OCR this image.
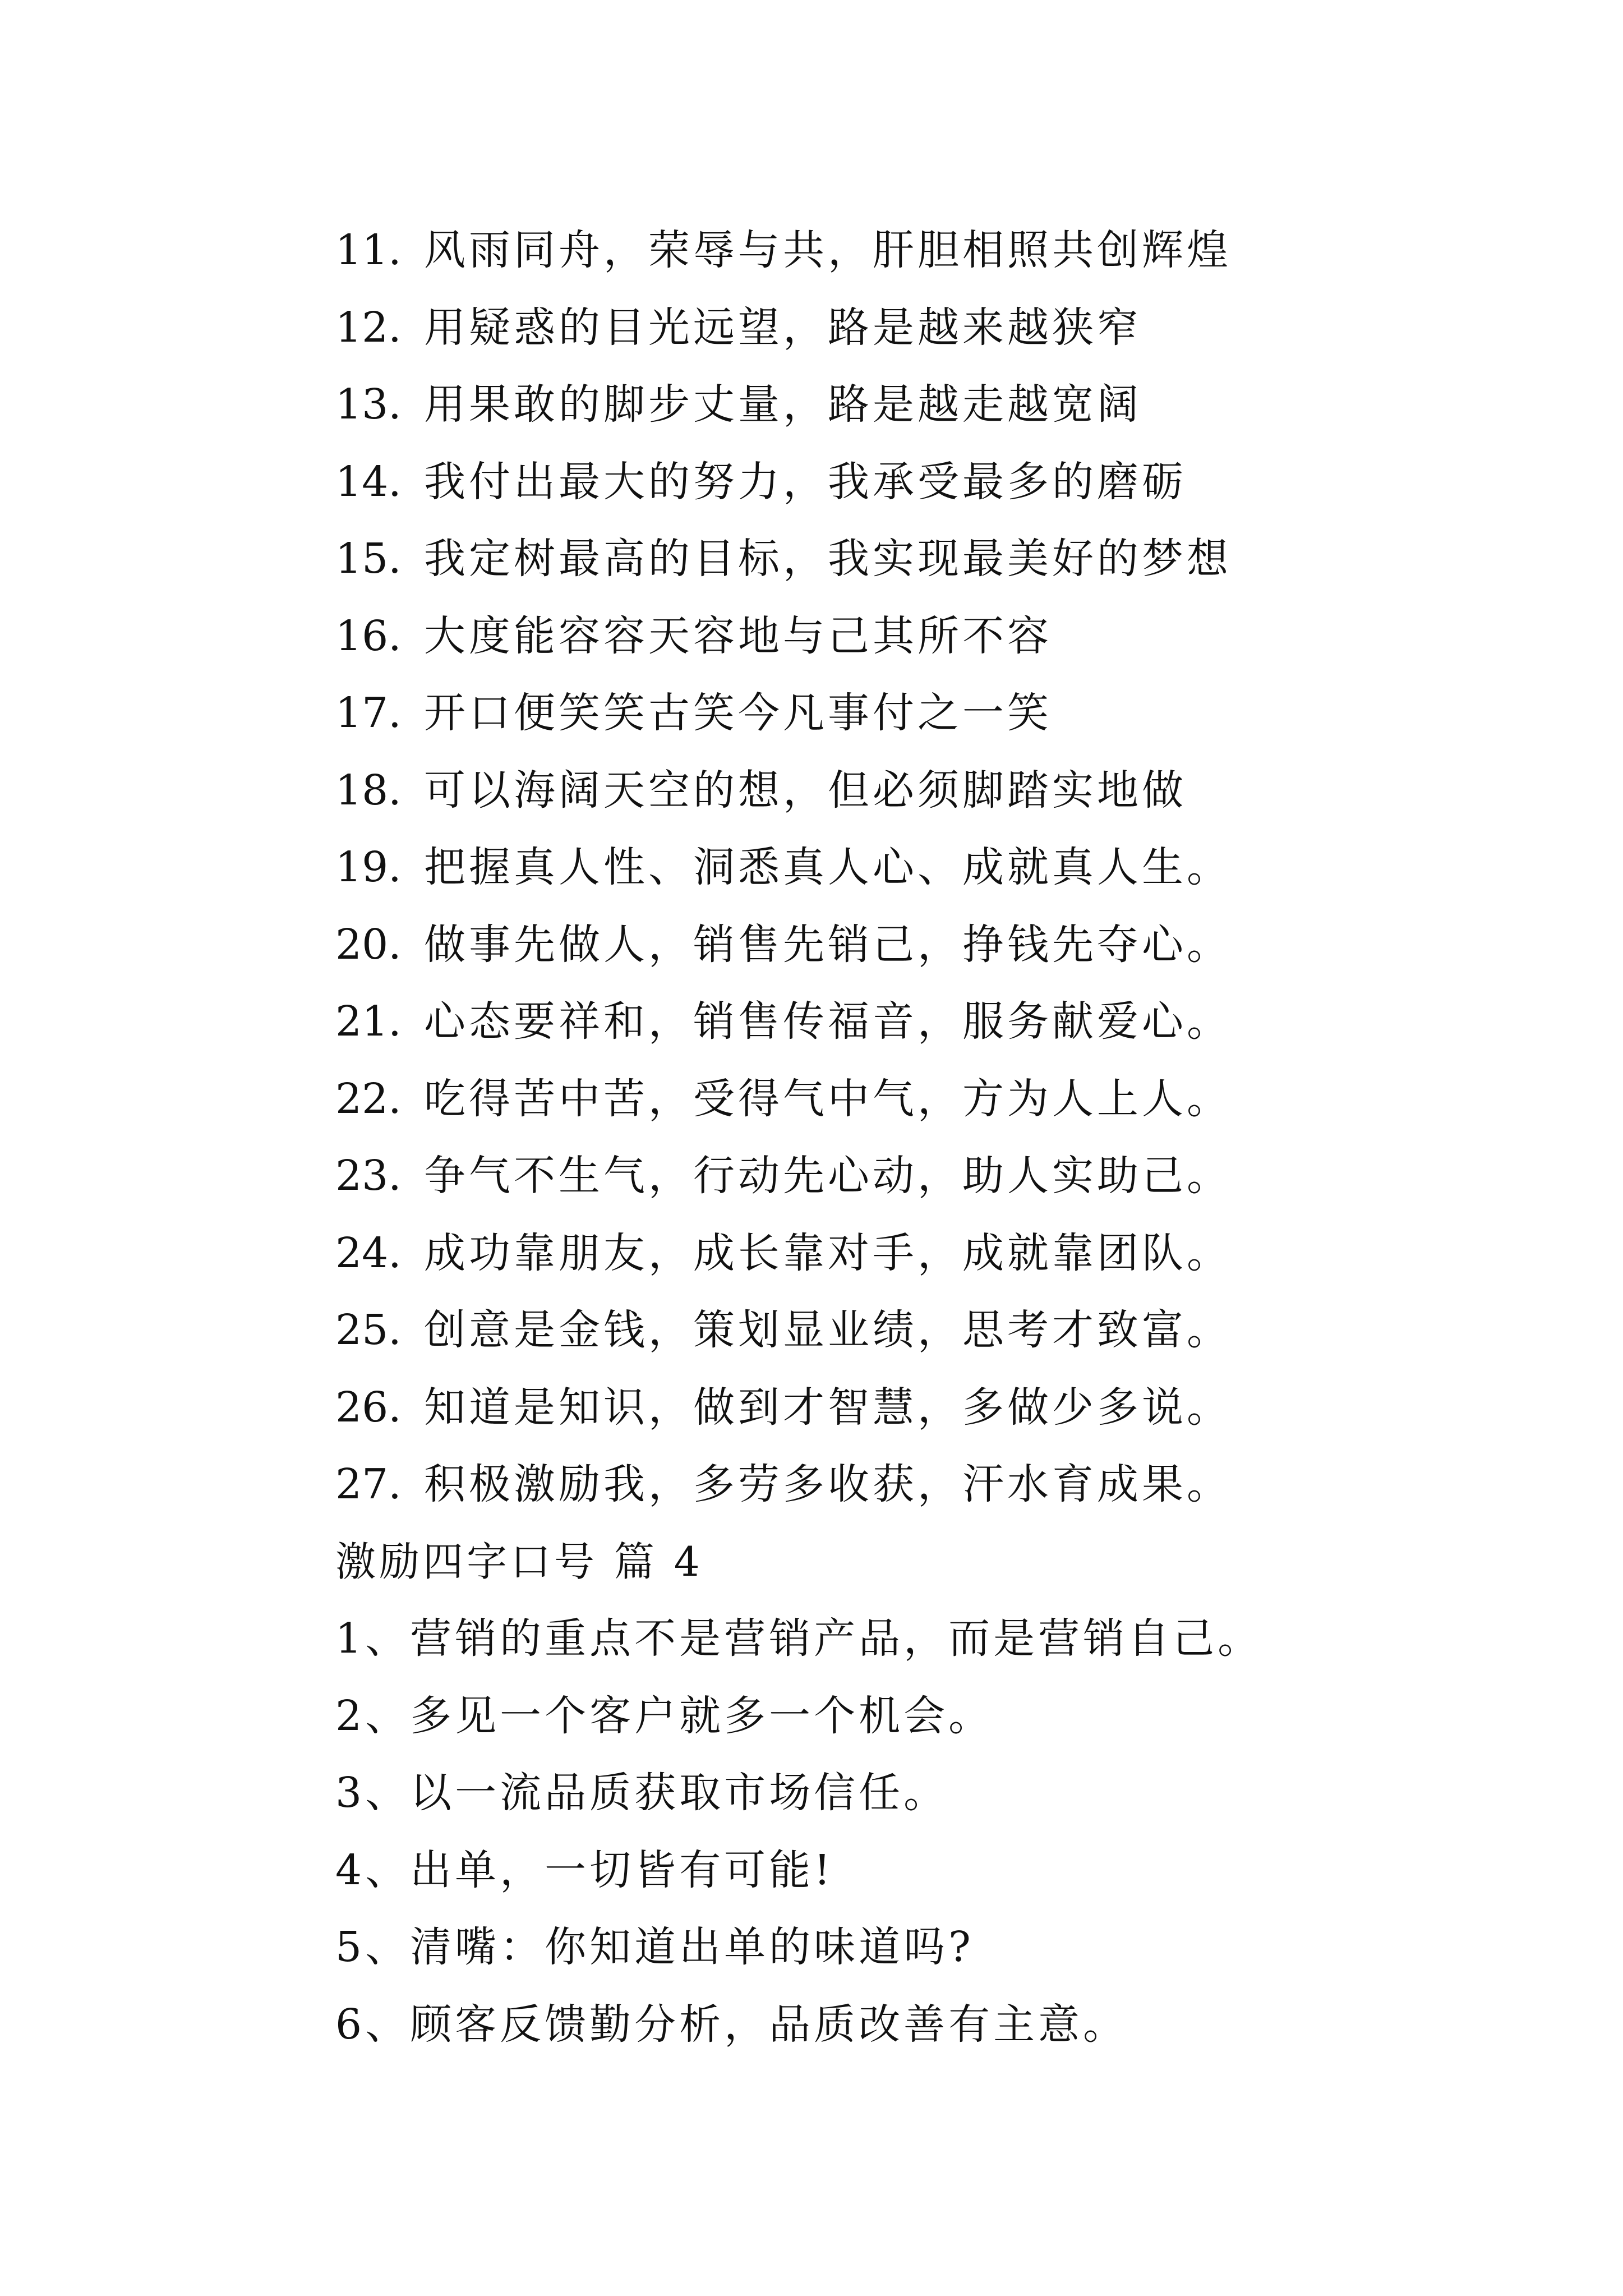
11. 风雨同舟，荣辱与共，肝胆相照共创辉煌
12. 用疑惑的目光远望，路是越来越狭窄
13. 用果敢的脚步丈量，路是越走越宽阔
14. 我付出最大的努力，我承受最多的磨砺
15. 我定树最高的目标，我实现最美好的梦想
16. 大度能容容天容地与己其所不容
17. 开口便笑笑古笑今凡事付之一笑
18. 可以海阔天空的想，但必须脚踏实地做
19. 把握真人性、洞悉真人心、成就真人生。
20. 做事先做人，销售先销己，挣钱先夺心。
21. 心态要祥和，销售传福音，服务献爱心。
22. 吃得苦中苦，受得气中气，方为人上人。
23. 争气不生气，行动先心动，助人实助己。
24. 成功靠朋友，成长靠对手，成就靠团队。
25. 创意是金钱，策划显业绩，思考才致富。
26. 知道是知识，做到才智慧，多做少多说。
27. 积极激励我，多劳多收获，汗水育成果。
激励四字口号 篇 4
1、营销的重点不是营销产品，而是营销自己。
2、多见一个客户就多一个机会。
3、以一流品质获取市场信任。
4、出单，一切皆有可能!
5、清嘴：你知道出单的味道吗?
6、顾客反馈勤分析，品质改善有主意。
